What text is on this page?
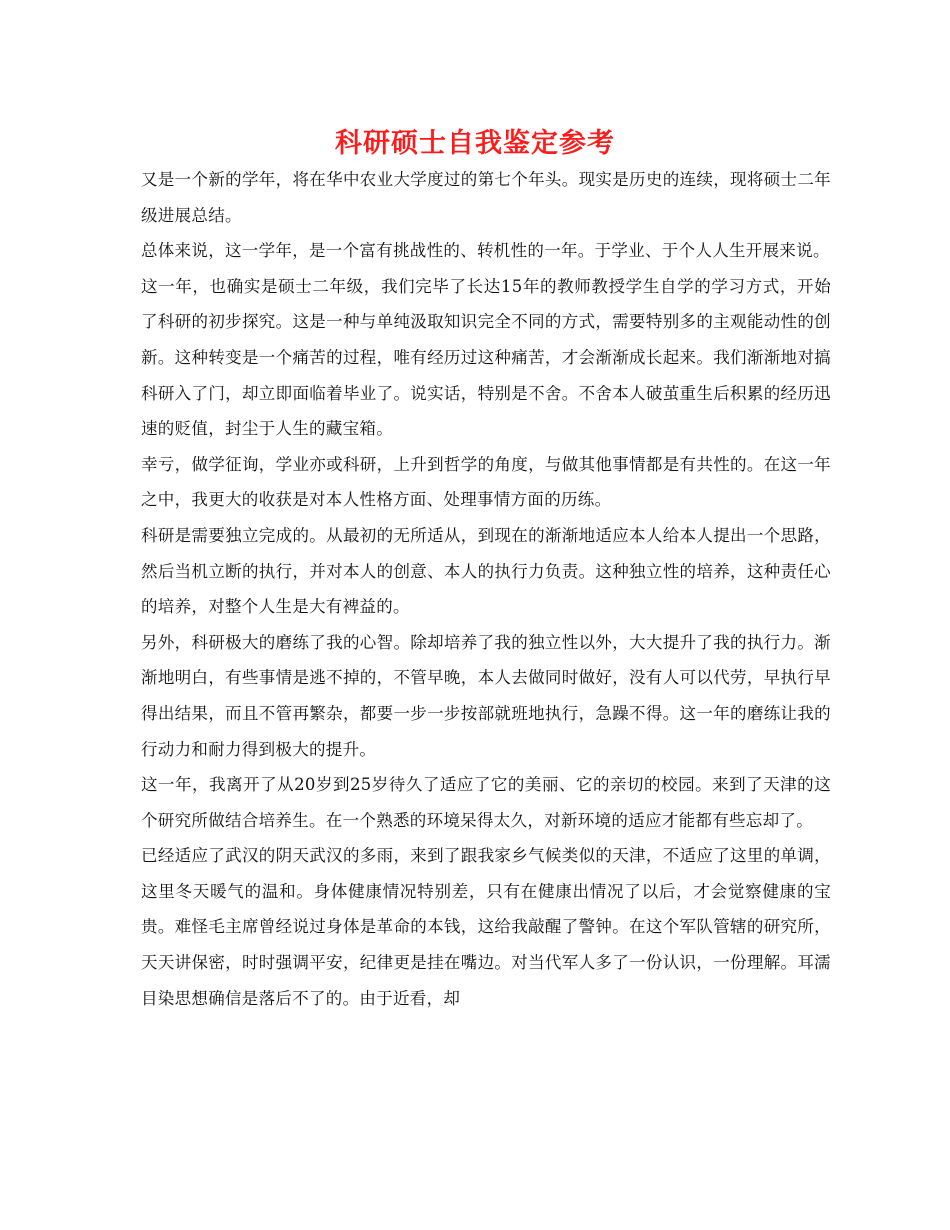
科研硕士自我鉴定参考

又是一个新的学年，将在华中农业大学度过的第七个年头。现实是历史的连续，现将硕士二年级进展总结。

总体来说，这一学年，是一个富有挑战性的、转机性的一年。于学业、于个人人生开展来说。

这一年，也确实是硕士二年级，我们完毕了长达15年的教师教授学生自学的学习方式，开始了科研的初步探究。这是一种与单纯汲取知识完全不同的方式，需要特别多的主观能动性的创新。这种转变是一个痛苦的过程，唯有经历过这种痛苦，才会渐渐成长起来。我们渐渐地对搞科研入了门，却立即面临着毕业了。说实话，特别是不舍。不舍本人破茧重生后积累的经历迅速的贬值，封尘于人生的藏宝箱。

幸亏，做学征询，学业亦或科研，上升到哲学的角度，与做其他事情都是有共性的。在这一年之中，我更大的收获是对本人性格方面、处理事情方面的历练。

科研是需要独立完成的。从最初的无所适从，到现在的渐渐地适应本人给本人提出一个思路，然后当机立断的执行，并对本人的创意、本人的执行力负责。这种独立性的培养，这种责任心的培养，对整个人生是大有裨益的。

另外，科研极大的磨练了我的心智。除却培养了我的独立性以外，大大提升了我的执行力。渐渐地明白，有些事情是逃不掉的，不管早晚，本人去做同时做好，没有人可以代劳，早执行早得出结果，而且不管再繁杂，都要一步一步按部就班地执行，急躁不得。这一年的磨练让我的行动力和耐力得到极大的提升。

这一年，我离开了从20岁到25岁待久了适应了它的美丽、它的亲切的校园。来到了天津的这个研究所做结合培养生。在一个熟悉的环境呆得太久，对新环境的适应才能都有些忘却了。

已经适应了武汉的阴天武汉的多雨，来到了跟我家乡气候类似的天津，不适应了这里的单调，这里冬天暖气的温和。身体健康情况特别差，只有在健康出情况了以后，才会觉察健康的宝贵。难怪毛主席曾经说过身体是革命的本钱，这给我敲醒了警钟。在这个军队管辖的研究所，天天讲保密，时时强调平安，纪律更是挂在嘴边。对当代军人多了一份认识，一份理解。耳濡目染思想确信是落后不了的。由于近看，却
